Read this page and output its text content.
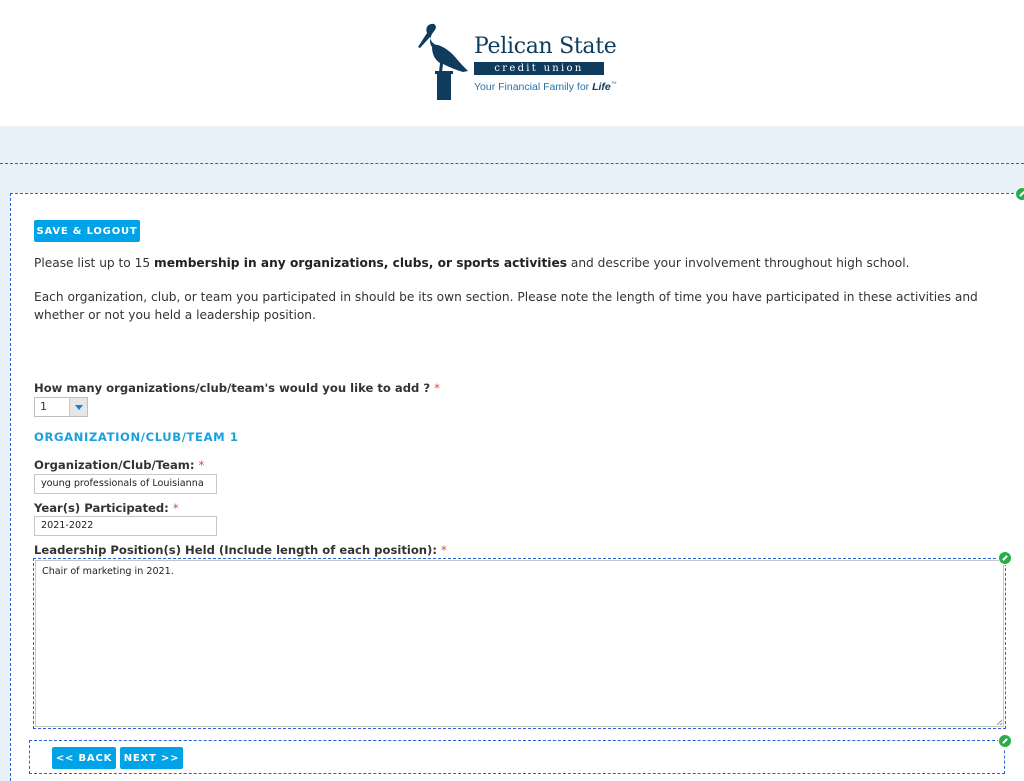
Pelican State
credit union
Your Financial Family for Life™
SAVE & LOGOUT
Please list up to 15 membership in any organizations, clubs, or sports activities and describe your involvement throughout high school.
Each organization, club, or team you participated in should be its own section. Please note the length of time you have participated in these activities and whether or not you held a leadership position.
How many organizations/club/team's would you like to add ? *
1
ORGANIZATION/CLUB/TEAM 1
Organization/Club/Team: *
young professionals of Louisianna
Year(s) Participated: *
2021-2022
Leadership Position(s) Held (Include length of each position): *
Chair of marketing in 2021.
<< BACK	NEXT >>
